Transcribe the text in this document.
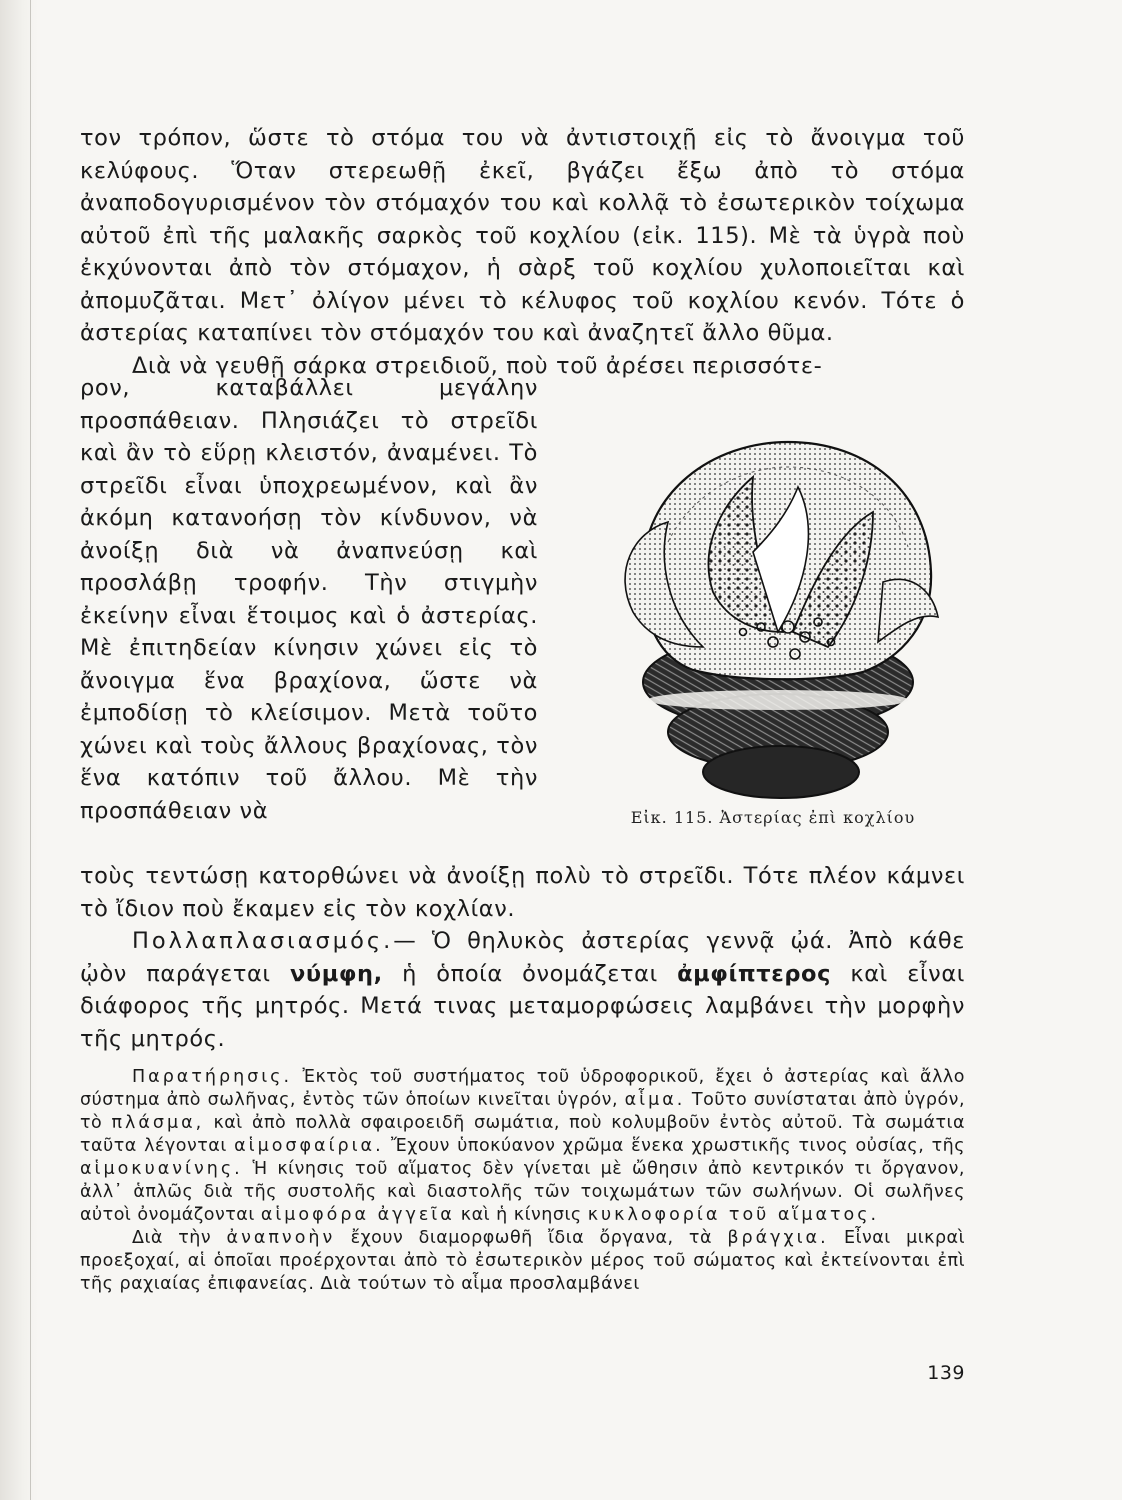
τον τρόπον, ὥστε τὸ στόμα του νὰ ἀντιστοιχῇ εἰς τὸ ἄνοιγμα τοῦ κελύφους. Ὅταν στερεωθῇ ἐκεῖ, βγάζει ἔξω ἀπὸ τὸ στόμα ἀναποδογυρισμένον τὸν στόμαχόν του καὶ κολλᾷ τὸ ἐσωτερικὸν τοίχωμα αὐτοῦ ἐπὶ τῆς μαλακῆς σαρκὸς τοῦ κοχλίου (εἰκ. 115). Μὲ τὰ ὑγρὰ ποὺ ἐκχύνονται ἀπὸ τὸν στόμαχον, ἡ σὰρξ τοῦ κοχλίου χυλοποιεῖται καὶ ἀπομυζᾶται. Μετ᾽ ὀλίγον μένει τὸ κέλυφος τοῦ κοχλίου κενόν. Τότε ὁ ἀστερίας καταπίνει τὸν στόμαχόν του καὶ ἀναζητεῖ ἄλλο θῦμα.

Διὰ νὰ γευθῇ σάρκα στρειδιοῦ, ποὺ τοῦ ἀρέσει περισσότε-

ρον, καταβάλλει μεγάλην προσπάθειαν. Πλησιάζει τὸ στρεῖδι καὶ ἂν τὸ εὕρῃ κλειστόν, ἀναμένει. Τὸ στρεῖδι εἶναι ὑποχρεωμένον, καὶ ἂν ἀκόμη κατανοήσῃ τὸν κίνδυνον, νὰ ἀνοίξῃ διὰ νὰ ἀναπνεύσῃ καὶ προσλάβῃ τροφήν. Τὴν στιγμὴν ἐκείνην εἶναι ἕτοιμος καὶ ὁ ἀστερίας. Μὲ ἐπιτηδείαν κίνησιν χώνει εἰς τὸ ἄνοιγμα ἕνα βραχίονα, ὥστε νὰ ἐμποδίσῃ τὸ κλείσιμον. Μετὰ τοῦτο χώνει καὶ τοὺς ἄλλους βραχίονας, τὸν ἕνα κατόπιν τοῦ ἄλλου. Μὲ τὴν προσπάθειαν νὰ	Εἰκ. 115. Ἀστερίας ἐπὶ κοχλίου

τοὺς τεντώσῃ κατορθώνει νὰ ἀνοίξῃ πολὺ τὸ στρεῖδι. Τότε πλέον κάμνει τὸ ἴδιον ποὺ ἔκαμεν εἰς τὸν κοχλίαν.

Πολλαπλασιασμός.— Ὁ θηλυκὸς ἀστερίας γεννᾷ ᾠά. Ἀπὸ κάθε ᾠὸν παράγεται νύμφη, ἡ ὁποία ὀνομάζεται ἀμφίπτερος καὶ εἶναι διάφορος τῆς μητρός. Μετά τινας μεταμορφώσεις λαμβάνει τὴν μορφὴν τῆς μητρός.

Παρατήρησις. Ἐκτὸς τοῦ συστήματος τοῦ ὑδροφορικοῦ, ἔχει ὁ ἀστερίας καὶ ἄλλο σύστημα ἀπὸ σωλῆνας, ἐντὸς τῶν ὁποίων κινεῖται ὑγρόν, αἷμα. Τοῦτο συνίσταται ἀπὸ ὑγρόν, τὸ πλάσμα, καὶ ἀπὸ πολλὰ σφαιροειδῆ σωμάτια, ποὺ κολυμβοῦν ἐντὸς αὐτοῦ. Τὰ σωμάτια ταῦτα λέγονται αἱμοσφαίρια. Ἔχουν ὑποκύανον χρῶμα ἕνεκα χρωστικῆς τινος οὐσίας, τῆς αἱμοκυανίνης. Ἡ κίνησις τοῦ αἵματος δὲν γίνεται μὲ ὤθησιν ἀπὸ κεντρικόν τι ὄργανον, ἀλλ᾽ ἁπλῶς διὰ τῆς συστολῆς καὶ διαστολῆς τῶν τοιχωμάτων τῶν σωλήνων. Οἱ σωλῆνες αὐτοὶ ὀνομάζονται αἱμοφόρα ἀγγεῖα καὶ ἡ κίνησις κυκλοφορία τοῦ αἵματος.

Διὰ τὴν ἀναπνοὴν ἔχουν διαμορφωθῆ ἴδια ὄργανα, τὰ βράγχια. Εἶναι μικραὶ προεξοχαί, αἱ ὁποῖαι προέρχονται ἀπὸ τὸ ἐσωτερικὸν μέρος τοῦ σώματος καὶ ἐκτείνονται ἐπὶ τῆς ραχιαίας ἐπιφανείας. Διὰ τούτων τὸ αἷμα προσλαμβάνει

139
